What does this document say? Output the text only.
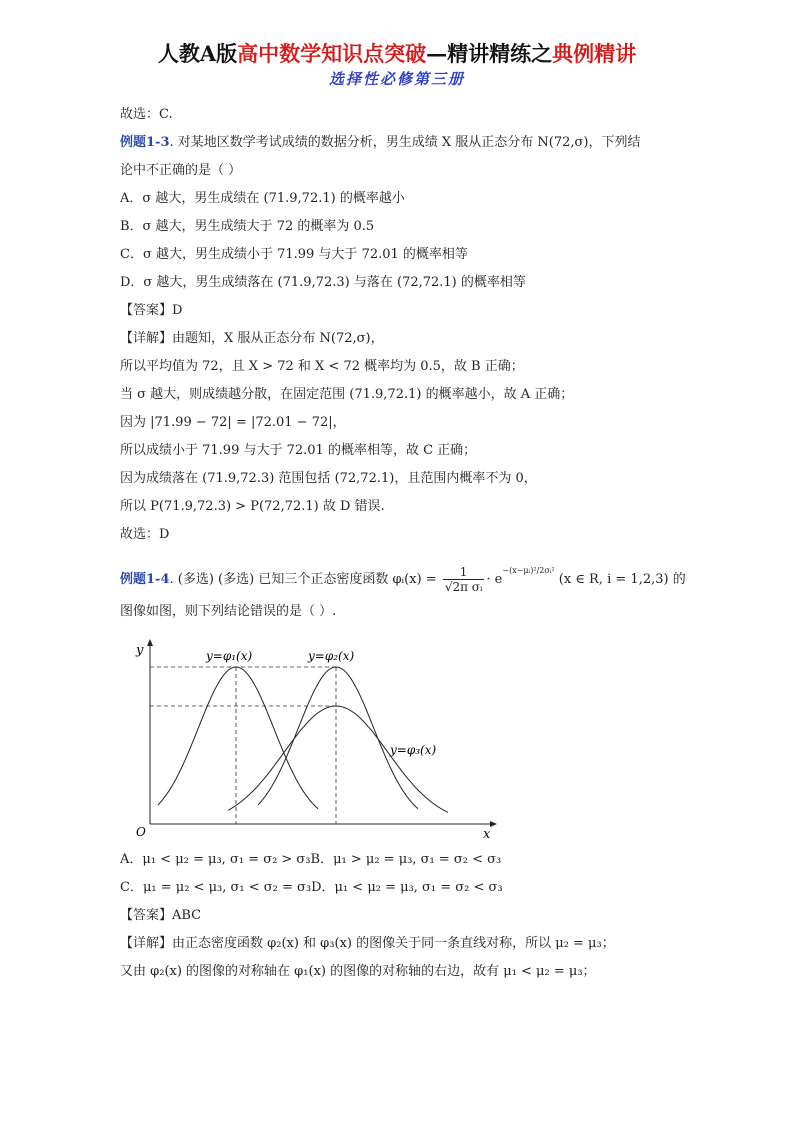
人教A版高中数学知识点突破—精讲精练之典例精讲
选择性必修第三册
故选：C.
例题1-3. 对某地区数学考试成绩的数据分析，男生成绩 X 服从正态分布 N(72,σ)，下列结
论中不正确的是（ ）
A．σ 越大，男生成绩在 (71.9,72.1) 的概率越小
B．σ 越大，男生成绩大于 72 的概率为 0.5
C．σ 越大，男生成绩小于 71.99 与大于 72.01 的概率相等
D．σ 越大，男生成绩落在 (71.9,72.3) 与落在 (72,72.1) 的概率相等
【答案】D
【详解】由题知，X 服从正态分布 N(72,σ)，
所以平均值为 72，且 X > 72 和 X < 72 概率均为 0.5，故 B 正确；
当 σ 越大，则成绩越分散，在固定范围 (71.9,72.1) 的概率越小，故 A 正确；
因为 |71.99 − 72| = |72.01 − 72|，
所以成绩小于 71.99 与大于 72.01 的概率相等，故 C 正确；
因为成绩落在 (71.9,72.3) 范围包括 (72,72.1)，且范围内概率不为 0，
所以 P(71.9,72.3) > P(72,72.1) 故 D 错误.
故选：D
例题1-4. (多选) (多选) 已知三个正态密度函数 φᵢ(x) = $\frac{1}{\text{√2π σᵢ}} \cdot e^{-(x-\mu ᵢ)^2/2\sigma ᵢ^2}$ (x ∈ R, i = 1,2,3) 的
图像如图，则下列结论错误的是（ ）.
y
x
O
y=φ₁(x)	y=φ₂(x)
y=φ₃(x)
A．μ₁ < μ₂ = μ₃, σ₁ = σ₂ > σ₃B．μ₁ > μ₂ = μ₃, σ₁ = σ₂ < σ₃
C．μ₁ = μ₂ < μ₃, σ₁ < σ₂ = σ₃D．μ₁ < μ₂ = μ₃, σ₁ = σ₂ < σ₃
【答案】ABC
【详解】由正态密度函数 φ₂(x) 和 φ₃(x) 的图像关于同一条直线对称，所以 μ₂ = μ₃；
又由 φ₂(x) 的图像的对称轴在 φ₁(x) 的图像的对称轴的右边，故有 μ₁ < μ₂ = μ₃；
